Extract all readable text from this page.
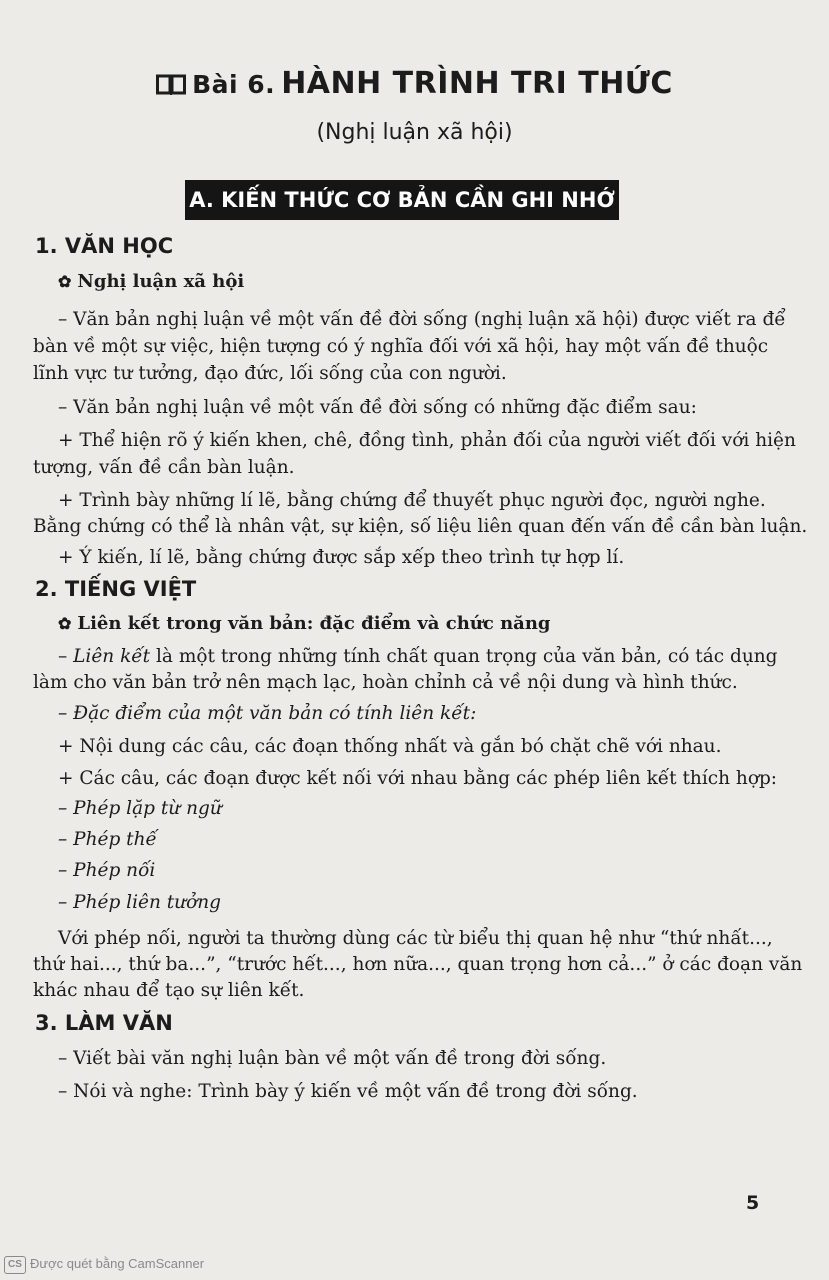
Bài 6. HÀNH TRÌNH TRI THỨC
(Nghị luận xã hội)
A. KIẾN THỨC CƠ BẢN CẦN GHI NHỚ
1. VĂN HỌC
✿ Nghị luận xã hội
– Văn bản nghị luận về một vấn đề đời sống (nghị luận xã hội) được viết ra để
bàn về một sự việc, hiện tượng có ý nghĩa đối với xã hội, hay một vấn đề thuộc
lĩnh vực tư tưởng, đạo đức, lối sống của con người.
– Văn bản nghị luận về một vấn đề đời sống có những đặc điểm sau:
+ Thể hiện rõ ý kiến khen, chê, đồng tình, phản đối của người viết đối với hiện
tượng, vấn đề cần bàn luận.
+ Trình bày những lí lẽ, bằng chứng để thuyết phục người đọc, người nghe.
Bằng chứng có thể là nhân vật, sự kiện, số liệu liên quan đến vấn đề cần bàn luận.
+ Ý kiến, lí lẽ, bằng chứng được sắp xếp theo trình tự hợp lí.
2. TIẾNG VIỆT
✿ Liên kết trong văn bản: đặc điểm và chức năng
– Liên kết là một trong những tính chất quan trọng của văn bản, có tác dụng
làm cho văn bản trở nên mạch lạc, hoàn chỉnh cả về nội dung và hình thức.
– Đặc điểm của một văn bản có tính liên kết:
+ Nội dung các câu, các đoạn thống nhất và gắn bó chặt chẽ với nhau.
+ Các câu, các đoạn được kết nối với nhau bằng các phép liên kết thích hợp:
– Phép lặp từ ngữ
– Phép thế
– Phép nối
– Phép liên tưởng
Với phép nối, người ta thường dùng các từ biểu thị quan hệ như “thứ nhất...,
thứ hai..., thứ ba...”, “trước hết..., hơn nữa..., quan trọng hơn cả...” ở các đoạn văn
khác nhau để tạo sự liên kết.
3. LÀM VĂN
– Viết bài văn nghị luận bàn về một vấn đề trong đời sống.
– Nói và nghe: Trình bày ý kiến về một vấn đề trong đời sống.
5
CS Được quét bằng CamScanner
